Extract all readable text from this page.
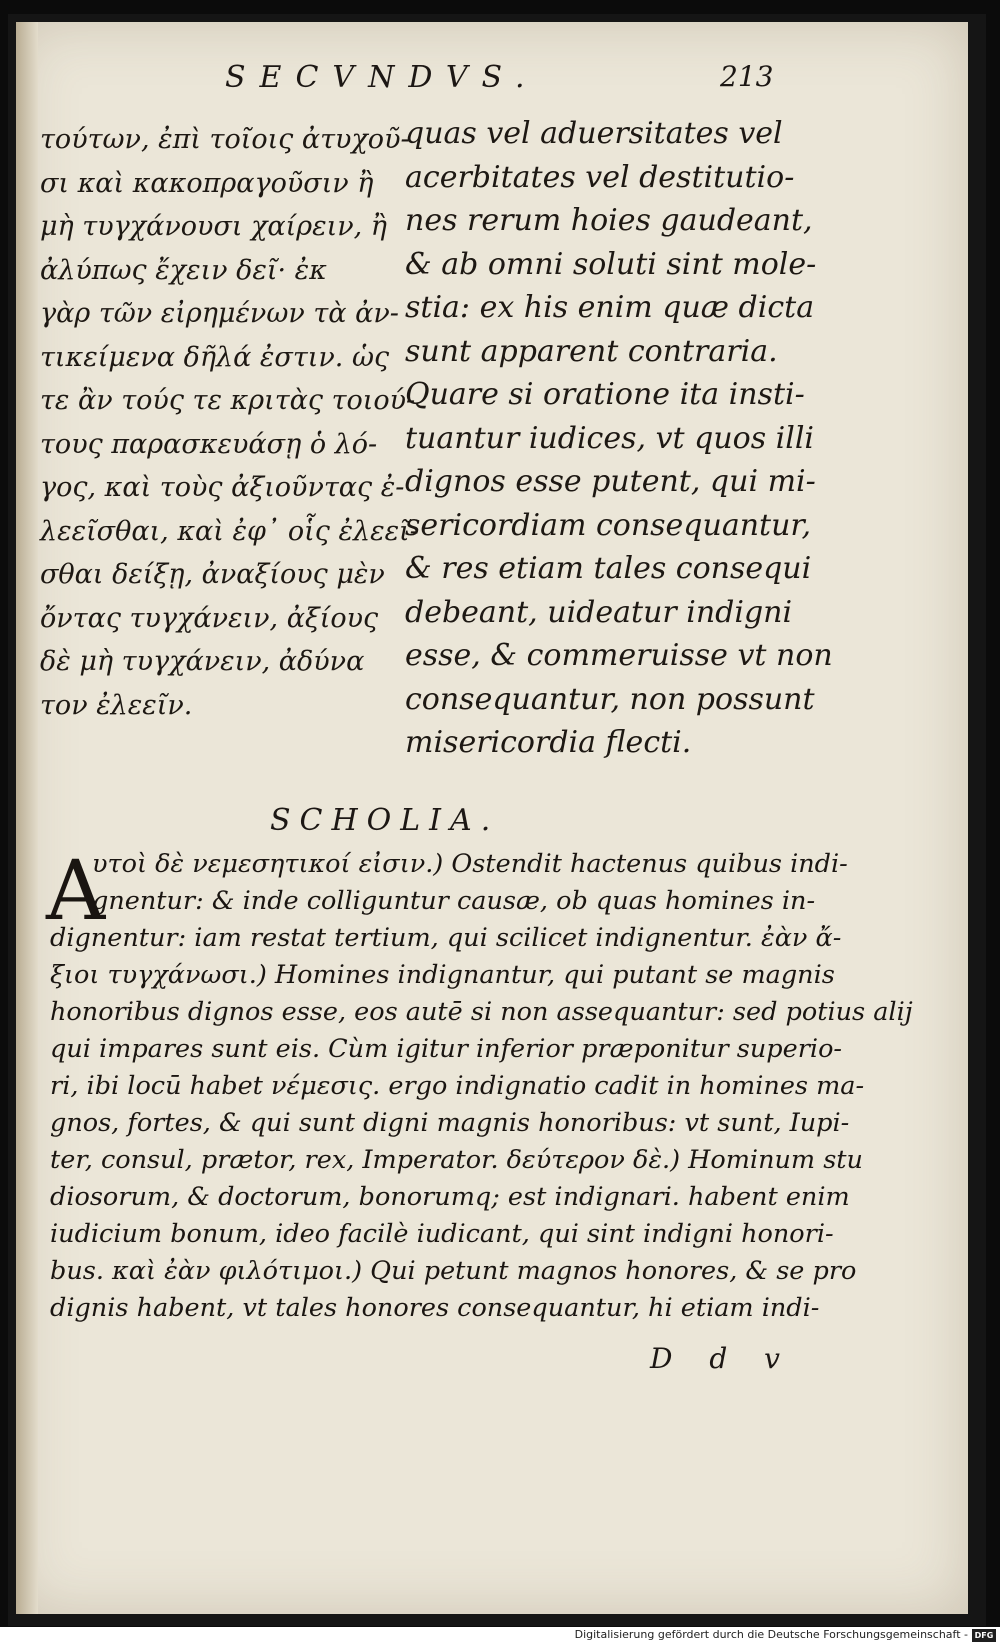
SECVNDVS.	213
τούτων, ἐπὶ τοῖοις ἀτυχοῦ-
σι καὶ κακοπραγοῦσιν ἢ
μὴ τυγχάνουσι χαίρειν, ἢ
ἀλύπως ἔχειν δεῖ· ἐκ
γὰρ τῶν εἰρημένων τὰ ἀν-
τικείμενα δῆλά ἐστιν. ὡς
τε ἂν τούς τε κριτὰς τοιού-
τους παρασκευάσῃ ὁ λό-
γος, καὶ τοὺς ἀξιοῦντας ἐ-
λεεῖσθαι, καὶ ἐφ᾽ οἷς ἐλεεῖ-
σθαι δείξῃ, ἀναξίους μὲν
ὄντας τυγχάνειν, ἀξίους
δὲ μὴ τυγχάνειν, ἀδύνα
τον ἐλεεῖν.
quas vel aduersitates vel
acerbitates vel destitutio-
nes rerum hoies gaudeant,
& ab omni soluti sint mole-
stia: ex his enim quæ dicta
sunt apparent contraria.
Quare si oratione ita insti-
tuantur iudices, vt quos illi
dignos esse putent, qui mi-
sericordiam consequantur,
& res etiam tales consequi
debeant, uideatur indigni
esse, & commeruisse vt non
consequantur, non possunt
misericordia flecti.
SCHOLIA.
A
υτοὶ δὲ νεμεσητικοί εἰσιν.) Ostendit hactenus quibus indi-
gnentur: & inde colliguntur causæ, ob quas homines in-
dignentur: iam restat tertium, qui scilicet indignentur. ἐὰν ἄ-
ξιοι τυγχάνωσι.) Homines indignantur, qui putant se magnis
honoribus dignos esse, eos autē si non assequantur: sed potius alij
qui impares sunt eis. Cùm igitur inferior præponitur superio-
ri, ibi locū habet νέμεσις. ergo indignatio cadit in homines ma-
gnos, fortes, & qui sunt digni magnis honoribus: vt sunt, Iupi-
ter, consul, prætor, rex, Imperator. δεύτερον δὲ.) Hominum stu
diosorum, & doctorum, bonorumq; est indignari. habent enim
iudicium bonum, ideo facilè iudicant, qui sint indigni honori-
bus. καὶ ἐὰν φιλότιμοι.) Qui petunt magnos honores, & se pro
dignis habent, vt tales honores consequantur, hi etiam indi-
D d v
Digitalisierung gefördert durch die Deutsche Forschungsgemeinschaft - DFG
